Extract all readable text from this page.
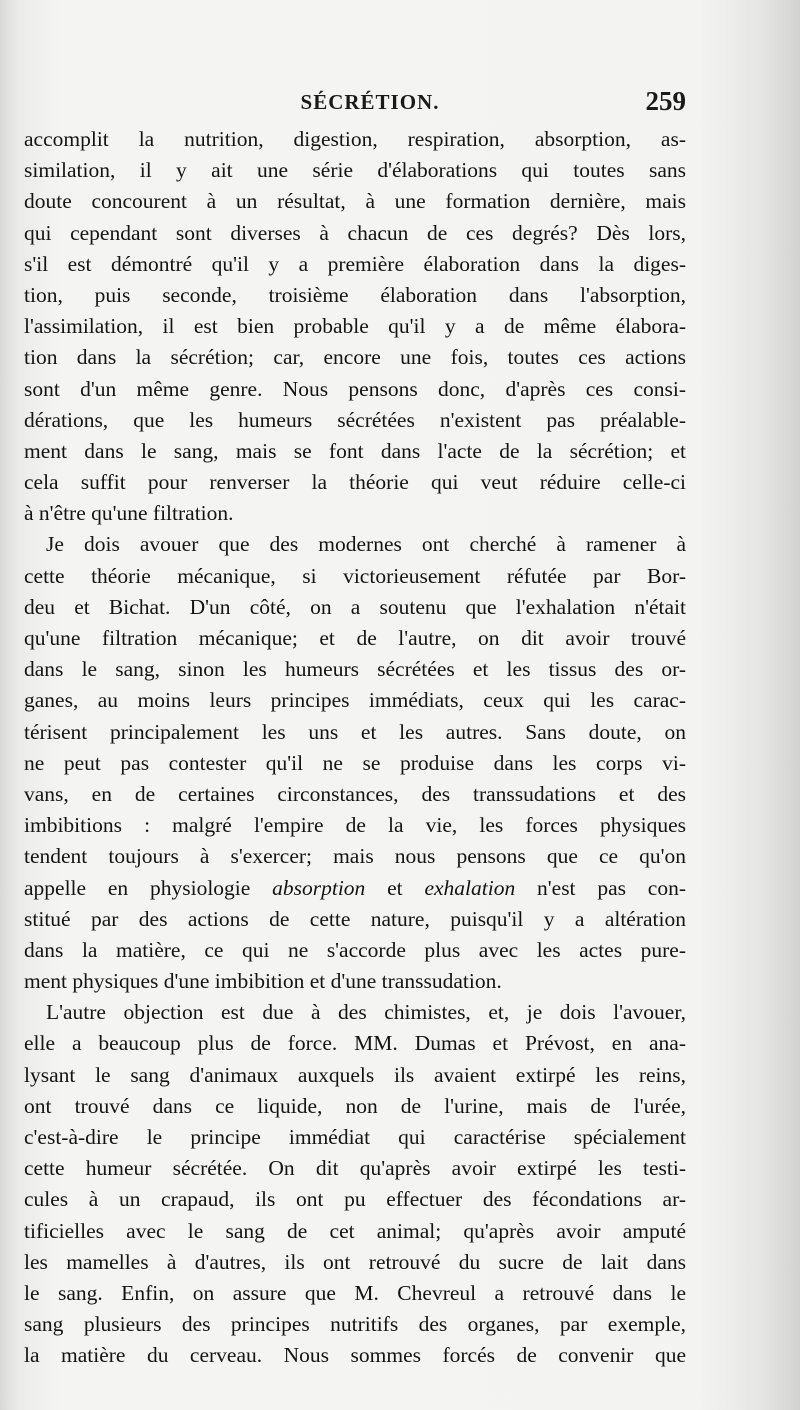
SÉCRÉTION.	259
accomplit la nutrition, digestion, respiration, absorption, as-
similation, il y ait une série d'élaborations qui toutes sans
doute concourent à un résultat, à une formation dernière, mais
qui cependant sont diverses à chacun de ces degrés? Dès lors,
s'il est démontré qu'il y a première élaboration dans la diges-
tion, puis seconde, troisième élaboration dans l'absorption,
l'assimilation, il est bien probable qu'il y a de même élabora-
tion dans la sécrétion; car, encore une fois, toutes ces actions
sont d'un même genre. Nous pensons donc, d'après ces consi-
dérations, que les humeurs sécrétées n'existent pas préalable-
ment dans le sang, mais se font dans l'acte de la sécrétion; et
cela suffit pour renverser la théorie qui veut réduire celle-ci
à n'être qu'une filtration.
Je dois avouer que des modernes ont cherché à ramener à
cette théorie mécanique, si victorieusement réfutée par Bor-
deu et Bichat. D'un côté, on a soutenu que l'exhalation n'était
qu'une filtration mécanique; et de l'autre, on dit avoir trouvé
dans le sang, sinon les humeurs sécrétées et les tissus des or-
ganes, au moins leurs principes immédiats, ceux qui les carac-
térisent principalement les uns et les autres. Sans doute, on
ne peut pas contester qu'il ne se produise dans les corps vi-
vans, en de certaines circonstances, des transsudations et des
imbibitions : malgré l'empire de la vie, les forces physiques
tendent toujours à s'exercer; mais nous pensons que ce qu'on
appelle en physiologie absorption et exhalation n'est pas con-
stitué par des actions de cette nature, puisqu'il y a altération
dans la matière, ce qui ne s'accorde plus avec les actes pure-
ment physiques d'une imbibition et d'une transsudation.
L'autre objection est due à des chimistes, et, je dois l'avouer,
elle a beaucoup plus de force. MM. Dumas et Prévost, en ana-
lysant le sang d'animaux auxquels ils avaient extirpé les reins,
ont trouvé dans ce liquide, non de l'urine, mais de l'urée,
c'est-à-dire le principe immédiat qui caractérise spécialement
cette humeur sécrétée. On dit qu'après avoir extirpé les testi-
cules à un crapaud, ils ont pu effectuer des fécondations ar-
tificielles avec le sang de cet animal; qu'après avoir amputé
les mamelles à d'autres, ils ont retrouvé du sucre de lait dans
le sang. Enfin, on assure que M. Chevreul a retrouvé dans le
sang plusieurs des principes nutritifs des organes, par exemple,
la matière du cerveau. Nous sommes forcés de convenir que
